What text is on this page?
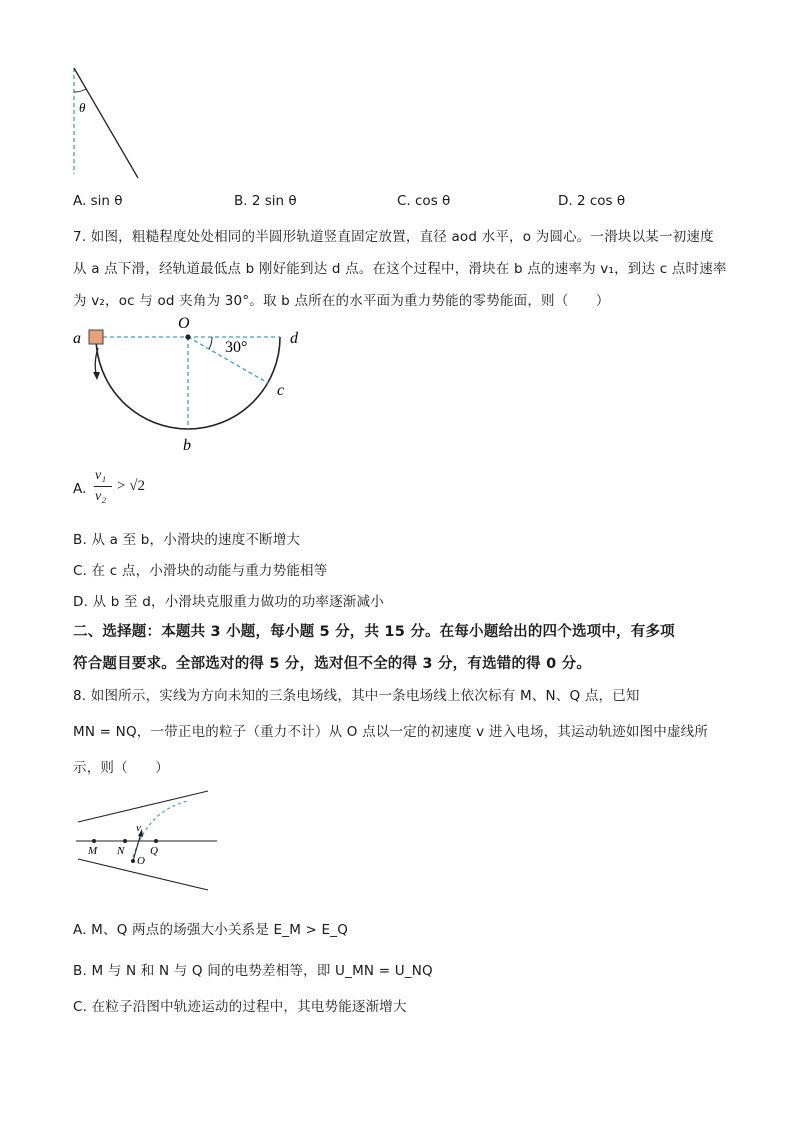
θ
A. sin θ	B. 2 sin θ	C. cos θ	D. 2 cos θ
7. 如图，粗糙程度处处相同的半圆形轨道竖直固定放置，直径 aod 水平，o 为圆心。一滑块以某一初速度
从 a 点下滑，经轨道最低点 b 刚好能到达 d 点。在这个过程中，滑块在 b 点的速率为 v₁，到达 c 点时速率
为 v₂，oc 与 od 夹角为 30°。取 b 点所在的水平面为重力势能的零势能面，则（　　）
O
a	d
c
b
30°
A.
v₁
v₂
> √2
B. 从 a 至 b，小滑块的速度不断增大
C. 在 c 点，小滑块的动能与重力势能相等
D. 从 b 至 d，小滑块克服重力做功的功率逐渐减小
二、选择题：本题共 3 小题，每小题 5 分，共 15 分。在每小题给出的四个选项中，有多项
符合题目要求。全部选对的得 5 分，选对但不全的得 3 分，有选错的得 0 分。
8. 如图所示，实线为方向未知的三条电场线，其中一条电场线上依次标有 M、N、Q 点，已知
MN = NQ，一带正电的粒子（重力不计）从 O 点以一定的初速度 v 进入电场，其运动轨迹如图中虚线所
示，则（　　）
M N Q
O
v
A. M、Q 两点的场强大小关系是 E_M > E_Q
B. M 与 N 和 N 与 Q 间的电势差相等，即 U_MN = U_NQ
C. 在粒子沿图中轨迹运动的过程中，其电势能逐渐增大
